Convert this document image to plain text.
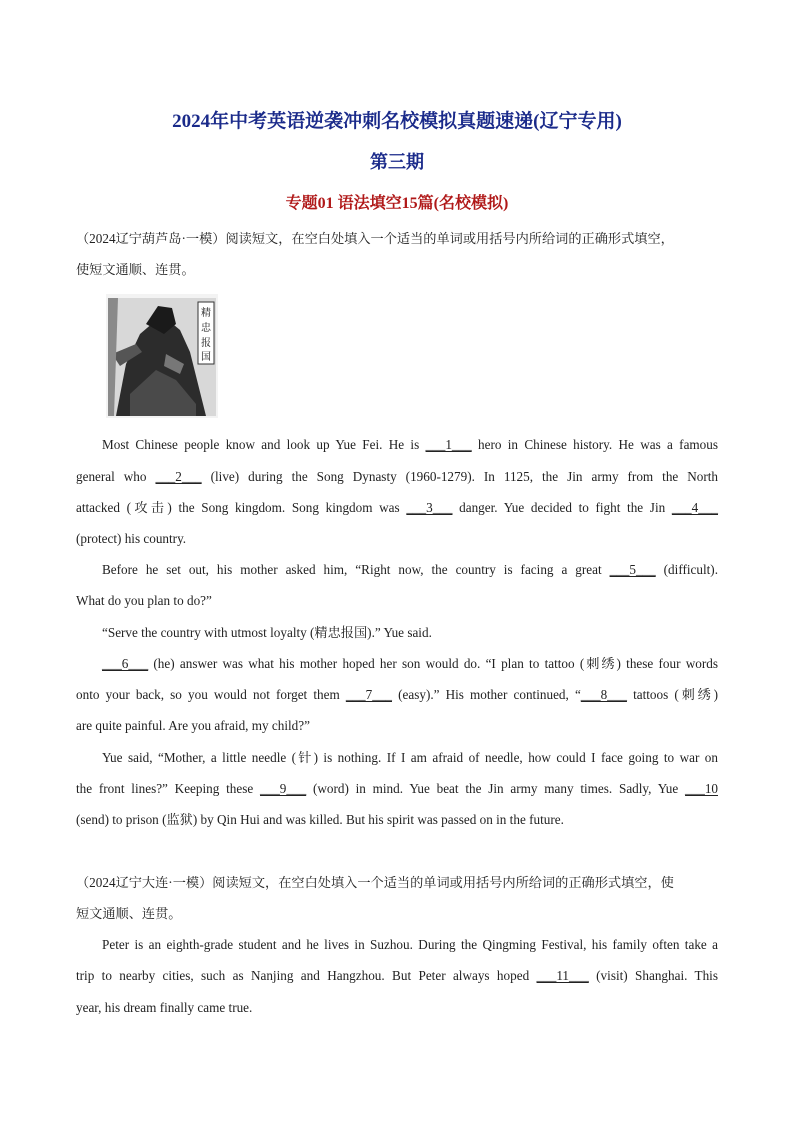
2024年中考英语逆袭冲刺名校模拟真题速递(辽宁专用)
第三期
专题01 语法填空15篇(名校模拟)
（2024辽宁葫芦岛·一模）阅读短文，在空白处填入一个适当的单词或用括号内所给词的正确形式填空，
使短文通顺、连贯。
精
忠
报
国
Most Chinese people know and look up Yue Fei. He is ___1___ hero in Chinese history. He was a famous
general who ___2___ (live) during the Song Dynasty (1960-1279). In 1125, the Jin army from the North
attacked (攻击) the Song kingdom. Song kingdom was ___3___ danger. Yue decided to fight the Jin ___4___
(protect) his country.
Before he set out, his mother asked him, “Right now, the country is facing a great ___5___ (difficult).
What do you plan to do?”
“Serve the country with utmost loyalty (精忠报国).” Yue said.
___6___ (he) answer was what his mother hoped her son would do. “I plan to tattoo (刺绣) these four words
onto your back, so you would not forget them ___7___ (easy).” His mother continued, “___8___ tattoos (刺绣)
are quite painful. Are you afraid, my child?”
Yue said, “Mother, a little needle (针) is nothing. If I am afraid of needle, how could I face going to war on
the front lines?” Keeping these ___9___ (word) in mind. Yue beat the Jin army many times. Sadly, Yue ___10
(send) to prison (监狱) by Qin Hui and was killed. But his spirit was passed on in the future.
（2024辽宁大连·一模）阅读短文，在空白处填入一个适当的单词或用括号内所给词的正确形式填空，使
短文通顺、连贯。
Peter is an eighth-grade student and he lives in Suzhou. During the Qingming Festival, his family often take a
trip to nearby cities, such as Nanjing and Hangzhou. But Peter always hoped ___11___ (visit) Shanghai. This
year, his dream finally came true.
